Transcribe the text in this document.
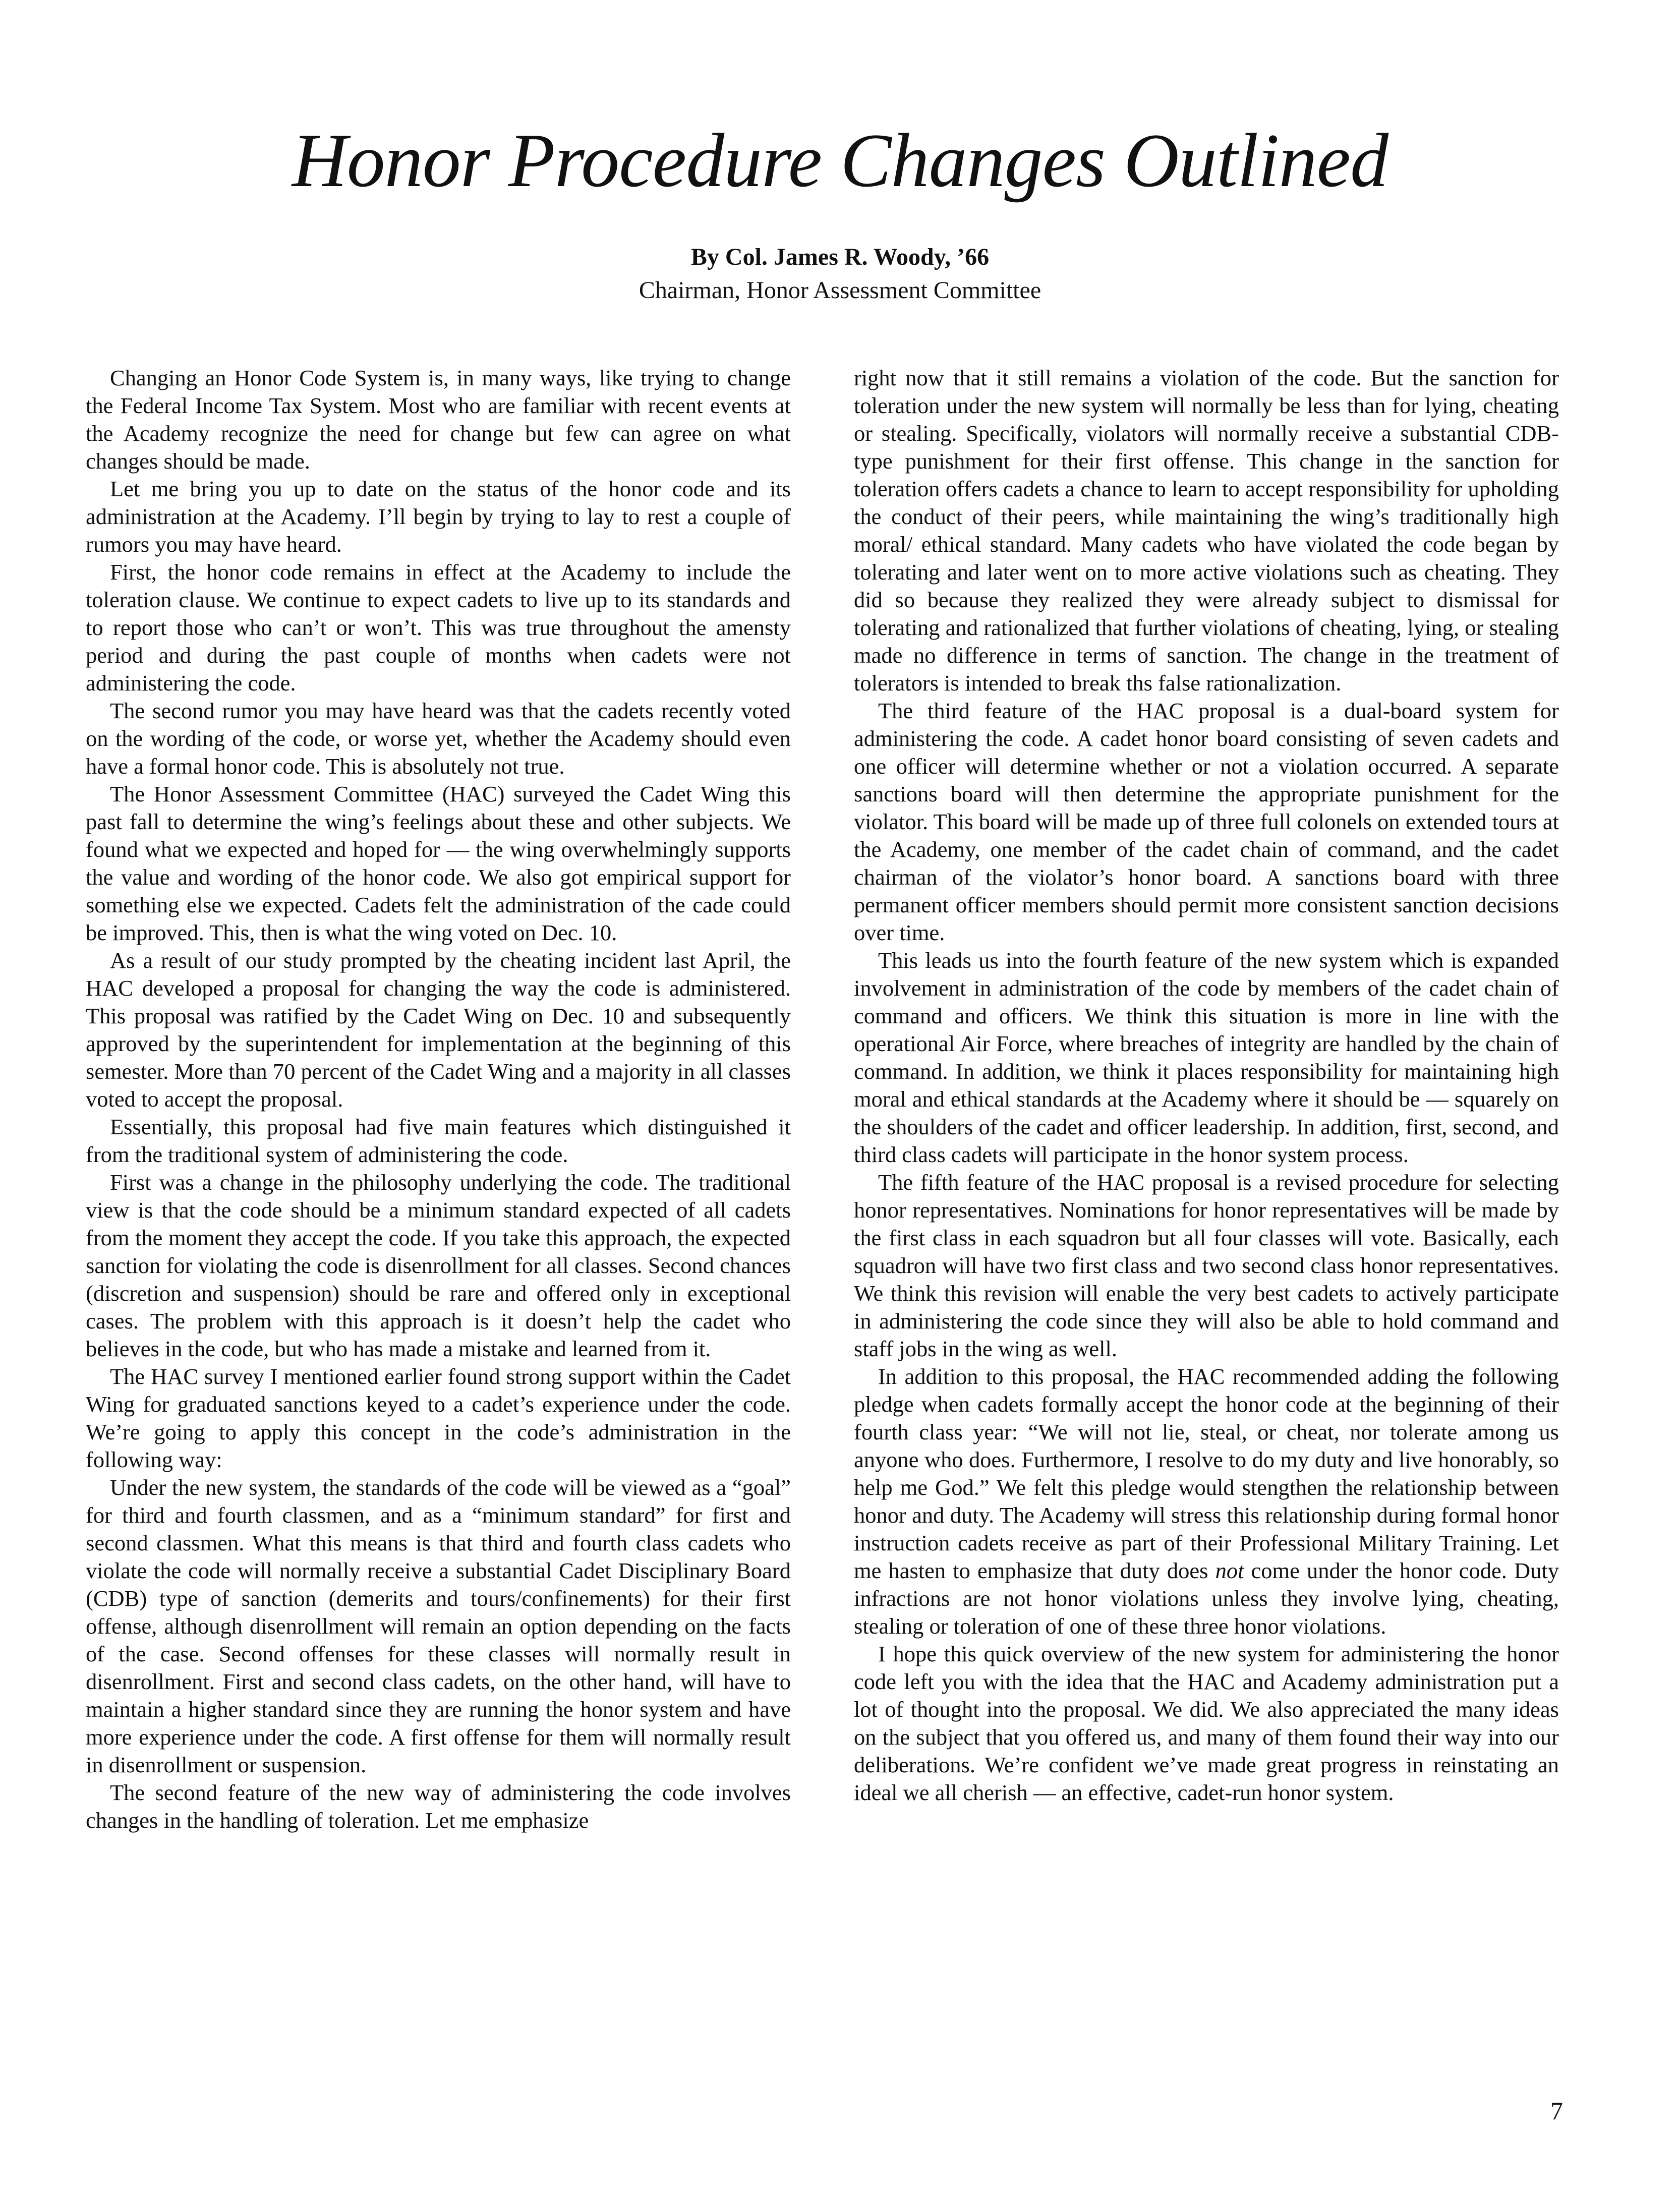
Honor Procedure Changes Outlined
By Col. James R. Woody, ’66
Chairman, Honor Assessment Committee

Changing an Honor Code System is, in many ways, like trying to change the Federal Income Tax System. Most who are familiar with recent events at the Academy recognize the need for change but few can agree on what changes should be made.

Let me bring you up to date on the status of the honor code and its administration at the Academy. I’ll begin by trying to lay to rest a couple of rumors you may have heard.

First, the honor code remains in effect at the Academy to include the toleration clause. We continue to expect cadets to live up to its standards and to report those who can’t or won’t. This was true throughout the amensty period and during the past couple of months when cadets were not administering the code.

The second rumor you may have heard was that the cadets recently voted on the wording of the code, or worse yet, whether the Academy should even have a formal honor code. This is absolutely not true.

The Honor Assessment Committee (HAC) surveyed the Cadet Wing this past fall to determine the wing’s feelings about these and other subjects. We found what we expected and hoped for — the wing overwhelmingly supports the value and wording of the honor code. We also got empirical support for something else we expected. Cadets felt the administration of the cade could be improved. This, then is what the wing voted on Dec. 10.

As a result of our study prompted by the cheating incident last April, the HAC developed a proposal for changing the way the code is administered. This proposal was ratified by the Cadet Wing on Dec. 10 and subsequently approved by the superintendent for implementation at the beginning of this semester. More than 70 percent of the Cadet Wing and a majority in all classes voted to accept the proposal.

Essentially, this proposal had five main features which distinguished it from the traditional system of administering the code.

First was a change in the philosophy underlying the code. The traditional view is that the code should be a minimum standard expected of all cadets from the moment they accept the code. If you take this approach, the expected sanction for violating the code is disenrollment for all classes. Second chances (discretion and suspension) should be rare and offered only in exceptional cases. The problem with this approach is it doesn’t help the cadet who believes in the code, but who has made a mistake and learned from it.

The HAC survey I mentioned earlier found strong support within the Cadet Wing for graduated sanctions keyed to a cadet’s experience under the code. We’re going to apply this concept in the code’s administration in the following way:

Under the new system, the standards of the code will be viewed as a “goal” for third and fourth classmen, and as a “minimum standard” for first and second classmen. What this means is that third and fourth class cadets who violate the code will normally receive a substantial Cadet Disciplinary Board (CDB) type of sanction (demerits and tours/confinements) for their first offense, although disenrollment will remain an option depending on the facts of the case. Second offenses for these classes will normally result in disenrollment. First and second class cadets, on the other hand, will have to maintain a higher standard since they are running the honor system and have more experience under the code. A first offense for them will normally result in disenrollment or suspension.

The second feature of the new way of administering the code involves changes in the handling of toleration. Let me emphasize

right now that it still remains a violation of the code. But the sanction for toleration under the new system will normally be less than for lying, cheating or stealing. Specifically, violators will normally receive a substantial CDB-type punishment for their first offense. This change in the sanction for toleration offers cadets a chance to learn to accept responsibility for upholding the conduct of their peers, while maintaining the wing’s traditionally high moral/ ethical standard. Many cadets who have violated the code began by tolerating and later went on to more active violations such as cheating. They did so because they realized they were already subject to dismissal for tolerating and rationalized that further violations of cheating, lying, or stealing made no difference in terms of sanction. The change in the treatment of tolerators is intended to break ths false rationalization.

The third feature of the HAC proposal is a dual-board system for administering the code. A cadet honor board consisting of seven cadets and one officer will determine whether or not a violation occurred. A separate sanctions board will then determine the appropriate punishment for the violator. This board will be made up of three full colonels on extended tours at the Academy, one member of the cadet chain of command, and the cadet chairman of the violator’s honor board. A sanctions board with three permanent officer members should permit more consistent sanction decisions over time.

This leads us into the fourth feature of the new system which is expanded involvement in administration of the code by members of the cadet chain of command and officers. We think this situation is more in line with the operational Air Force, where breaches of integrity are handled by the chain of command. In addition, we think it places responsibility for maintaining high moral and ethical standards at the Academy where it should be — squarely on the shoulders of the cadet and officer leadership. In addition, first, second, and third class cadets will participate in the honor system process.

The fifth feature of the HAC proposal is a revised procedure for selecting honor representatives. Nominations for honor representatives will be made by the first class in each squadron but all four classes will vote. Basically, each squadron will have two first class and two second class honor representatives. We think this revision will enable the very best cadets to actively participate in administering the code since they will also be able to hold command and staff jobs in the wing as well.

In addition to this proposal, the HAC recommended adding the following pledge when cadets formally accept the honor code at the beginning of their fourth class year: “We will not lie, steal, or cheat, nor tolerate among us anyone who does. Furthermore, I resolve to do my duty and live honorably, so help me God.” We felt this pledge would stengthen the relationship between honor and duty. The Academy will stress this relationship during formal honor instruction cadets receive as part of their Professional Military Training. Let me hasten to emphasize that duty does not come under the honor code. Duty infractions are not honor violations unless they involve lying, cheating, stealing or toleration of one of these three honor violations.

I hope this quick overview of the new system for administering the honor code left you with the idea that the HAC and Academy administration put a lot of thought into the proposal. We did. We also appreciated the many ideas on the subject that you offered us, and many of them found their way into our deliberations. We’re confident we’ve made great progress in reinstating an ideal we all cherish — an effective, cadet-run honor system.

7
